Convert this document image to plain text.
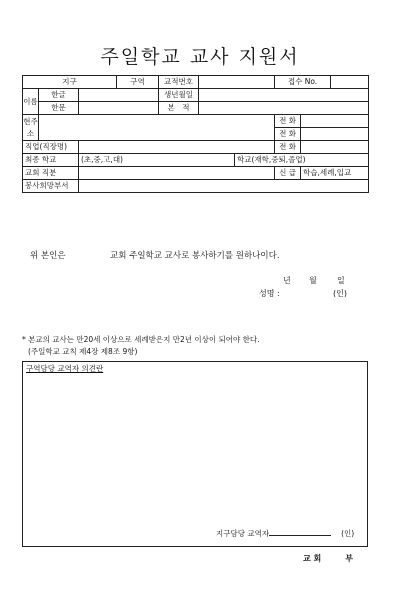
주일학교 교사 지원서
지구			구역	교적번호			접수 No.		
이름	한글			생년월일					
	한문			본　적					
현주소							전 화		
							전 화		
직업(직장명)							전 화		
최종 학교		(초,중,고,대)				학교(재학,중퇴,졸업)			
교회 직분							신 급	학습,세례,입교	
봉사희망부서									
위 본인은	교회 주일학교 교사로 봉사하기를 원하나이다.
년 월	일
성명 :	(인)
* 본교의 교사는 만20세 이상으로 세례받은지 만2년 이상이 되어야 한다.
(주일학교 교칙 제4장 제8조 9항)
구역담당 교역자 의견란
지구담당 교역자	(인)
교 회　　　부
